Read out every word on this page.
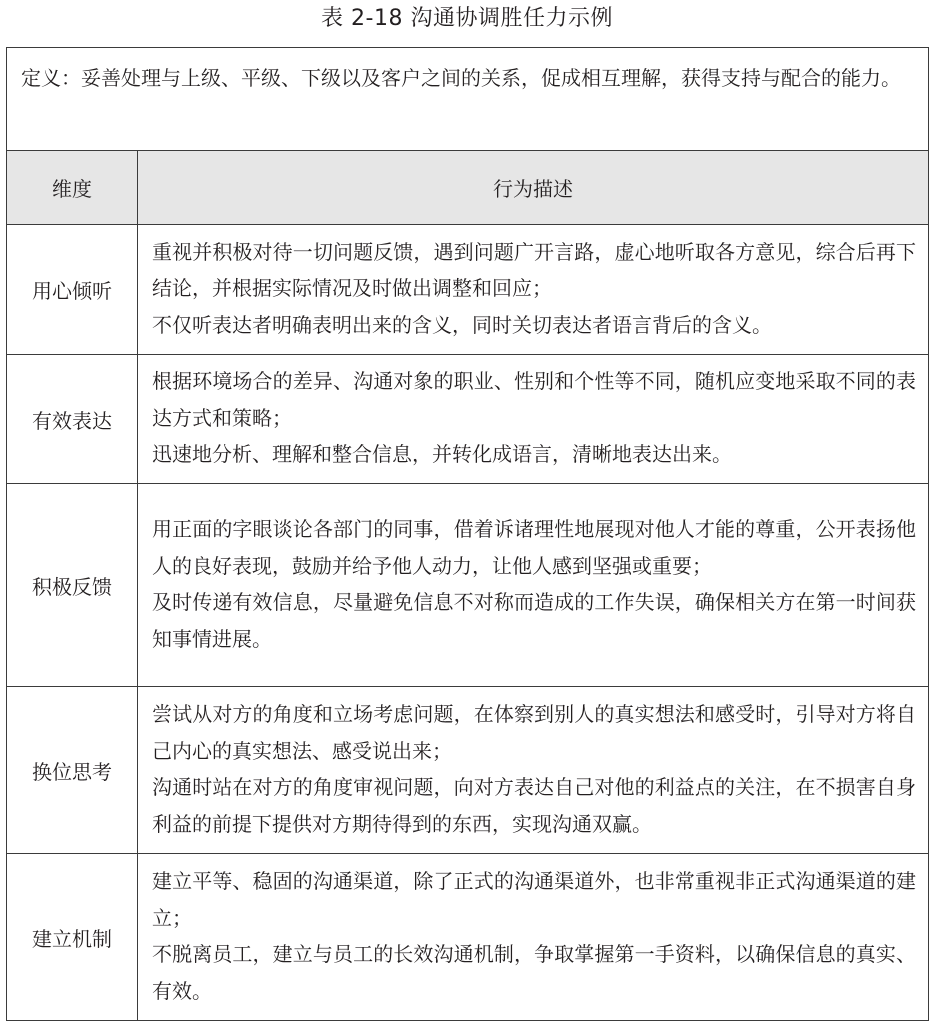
表 2-18 沟通协调胜任力示例
定义：妥善处理与上级、平级、下级以及客户之间的关系，促成相互理解，获得支持与配合的能力。	
维度	行为描述
用心倾听	重视并积极对待一切问题反馈，遇到问题广开言路，虚心地听取各方意见，综合后再下结论，并根据实际情况及时做出调整和回应；
不仅听表达者明确表明出来的含义，同时关切表达者语言背后的含义。

有效表达	根据环境场合的差异、沟通对象的职业、性别和个性等不同，随机应变地采取不同的表达方式和策略；
迅速地分析、理解和整合信息，并转化成语言，清晰地表达出来。

积极反馈	用正面的字眼谈论各部门的同事，借着诉诸理性地展现对他人才能的尊重，公开表扬他人的良好表现，鼓励并给予他人动力，让他人感到坚强或重要；
及时传递有效信息，尽量避免信息不对称而造成的工作失误，确保相关方在第一时间获知事情进展。

换位思考	尝试从对方的角度和立场考虑问题，在体察到别人的真实想法和感受时，引导对方将自己内心的真实想法、感受说出来；
沟通时站在对方的角度审视问题，向对方表达自己对他的利益点的关注，在不损害自身利益的前提下提供对方期待得到的东西，实现沟通双赢。

建立机制	建立平等、稳固的沟通渠道，除了正式的沟通渠道外，也非常重视非正式沟通渠道的建立；
不脱离员工，建立与员工的长效沟通机制，争取掌握第一手资料，以确保信息的真实、有效。
